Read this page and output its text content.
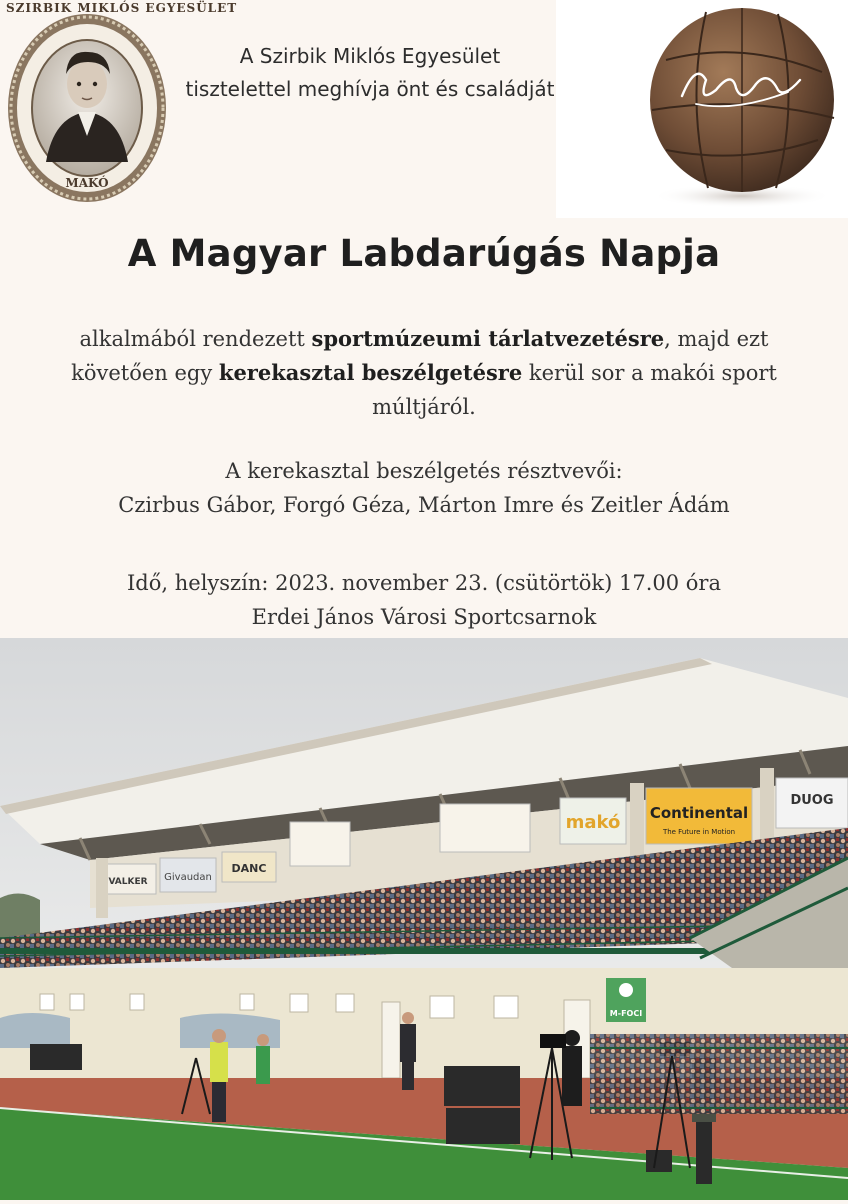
SZIRBIK MIKLÓS EGYESÜLET
MAKÓ
Puskás Ferenc
A Szirbik Miklós Egyesület
tisztelettel meghívja önt és családját
A Magyar Labdarúgás Napja
alkalmából rendezett sportmúzeumi tárlatvezetésre, majd ezt követően egy kerekasztal beszélgetésre kerül sor a makói sport múltjáról.
A kerekasztal beszélgetés résztvevői:
Czirbus Gábor, Forgó Géza, Márton Imre és Zeitler Ádám
Idő, helyszín: 2023. november 23. (csütörtök) 17.00 óra
Erdei János Városi Sportcsarnok
VALKER Givaudan
DANC
makó Continental
The Future in Motion
DUOG
M-FOCI
